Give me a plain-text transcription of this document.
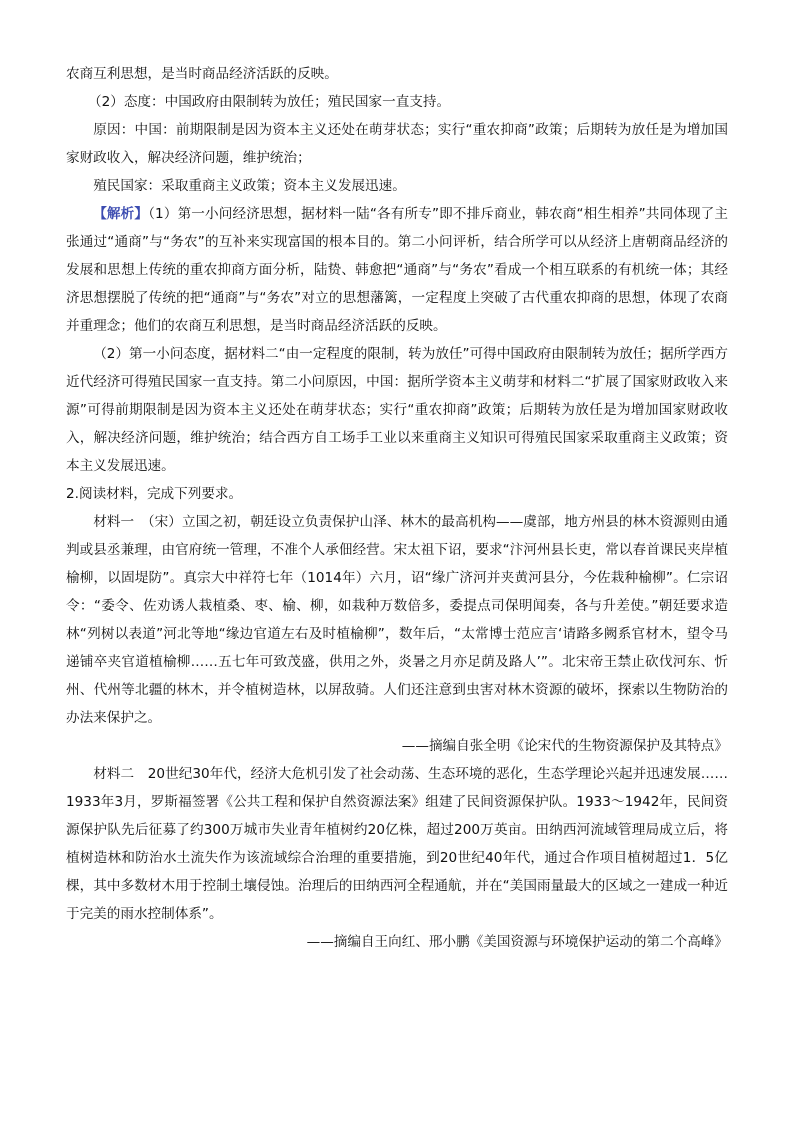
农商互利思想，是当时商品经济活跃的反映。

（2）态度：中国政府由限制转为放任；殖民国家一直支持。

原因：中国：前期限制是因为资本主义还处在萌芽状态；实行“重农抑商”政策；后期转为放任是为增加国家财政收入，解决经济问题，维护统治；

殖民国家：采取重商主义政策；资本主义发展迅速。

【解析】（1）第一小问经济思想，据材料一陆“各有所专”即不排斥商业，韩农商“相生相养”共同体现了主张通过“通商”与“务农”的互补来实现富国的根本目的。第二小问评析，结合所学可以从经济上唐朝商品经济的发展和思想上传统的重农抑商方面分析，陆贽、韩愈把“通商”与“务农”看成一个相互联系的有机统一体；其经济思想摆脱了传统的把“通商”与“务农”对立的思想藩篱，一定程度上突破了古代重农抑商的思想，体现了农商并重理念；他们的农商互利思想，是当时商品经济活跃的反映。

（2）第一小问态度，据材料二“由一定程度的限制，转为放任”可得中国政府由限制转为放任；据所学西方近代经济可得殖民国家一直支持。第二小问原因，中国：据所学资本主义萌芽和材料二“扩展了国家财政收入来源”可得前期限制是因为资本主义还处在萌芽状态；实行“重农抑商”政策；后期转为放任是为增加国家财政收入，解决经济问题，维护统治；结合西方自工场手工业以来重商主义知识可得殖民国家采取重商主义政策；资本主义发展迅速。

2.阅读材料，完成下列要求。

材料一　（宋）立国之初，朝廷设立负责保护山泽、林木的最高机构——虞部，地方州县的林木资源则由通判或县丞兼理，由官府统一管理，不准个人承佃经营。宋太祖下诏，要求“汴河州县长吏，常以春首课民夹岸植榆柳，以固堤防”。真宗大中祥符七年（1014年）六月，诏“缘广济河并夹黄河县分，今佐栽种榆柳”。仁宗诏令：“委令、佐劝诱人栽植桑、枣、榆、柳，如栽种万数倍多，委提点司保明闻奏，各与升差使。”朝廷要求造林“列树以表道”河北等地“缘边官道左右及时植榆柳”，数年后，“太常博士范应言‘请路多阙系官材木，望令马递铺卒夹官道植榆柳……五七年可致茂盛，供用之外，炎暑之月亦足荫及路人’”。北宋帝王禁止砍伐河东、忻州、代州等北疆的林木，并令植树造林，以屏敌骑。人们还注意到虫害对林木资源的破坏，探索以生物防治的办法来保护之。

——摘编自张全明《论宋代的生物资源保护及其特点》

材料二　20世纪30年代，经济大危机引发了社会动荡、生态环境的恶化，生态学理论兴起并迅速发展……1933年3月，罗斯福签署《公共工程和保护自然资源法案》组建了民间资源保护队。1933～1942年，民间资源保护队先后征募了约300万城市失业青年植树约20亿株，超过200万英亩。田纳西河流域管理局成立后，将植树造林和防治水土流失作为该流域综合治理的重要措施，到20世纪40年代，通过合作项目植树超过1．5亿棵，其中多数材木用于控制土壤侵蚀。治理后的田纳西河全程通航，并在“美国雨量最大的区域之一建成一种近于完美的雨水控制体系”。

——摘编自王向红、邢小鹏《美国资源与环境保护运动的第二个高峰》
